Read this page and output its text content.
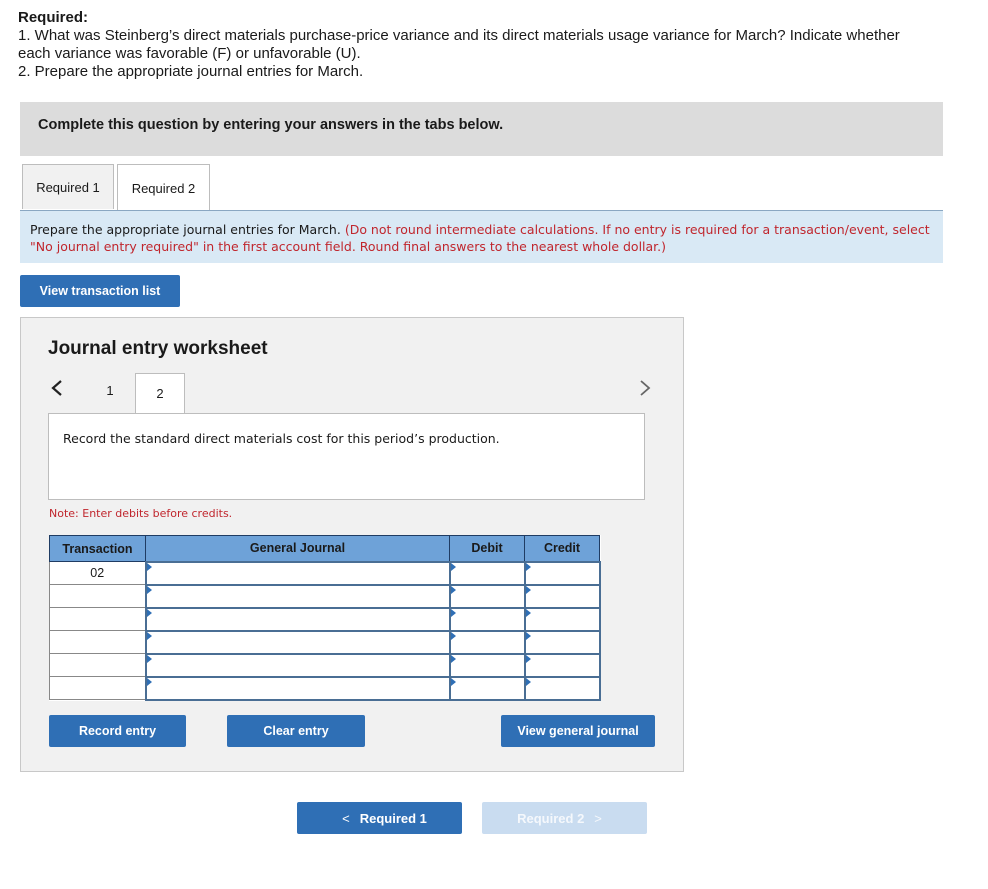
Required:
1. What was Steinberg’s direct materials purchase-price variance and its direct materials usage variance for March? Indicate whether
each variance was favorable (F) or unfavorable (U).
2. Prepare the appropriate journal entries for March.
Complete this question by entering your answers in the tabs below.
Required 1	Required 2
Prepare the appropriate journal entries for March. (Do not round intermediate calculations. If no entry is required for a transaction/event, select "No journal entry required" in the first account field. Round final answers to the nearest whole dollar.)
View transaction list
Journal entry worksheet
1	2
Record the standard direct materials cost for this period’s production.
Note: Enter debits before credits.
Transaction	General Journal	Debit	Credit
02			

Record entry	Clear entry	View general journal
< Required 1	Required 2 >
